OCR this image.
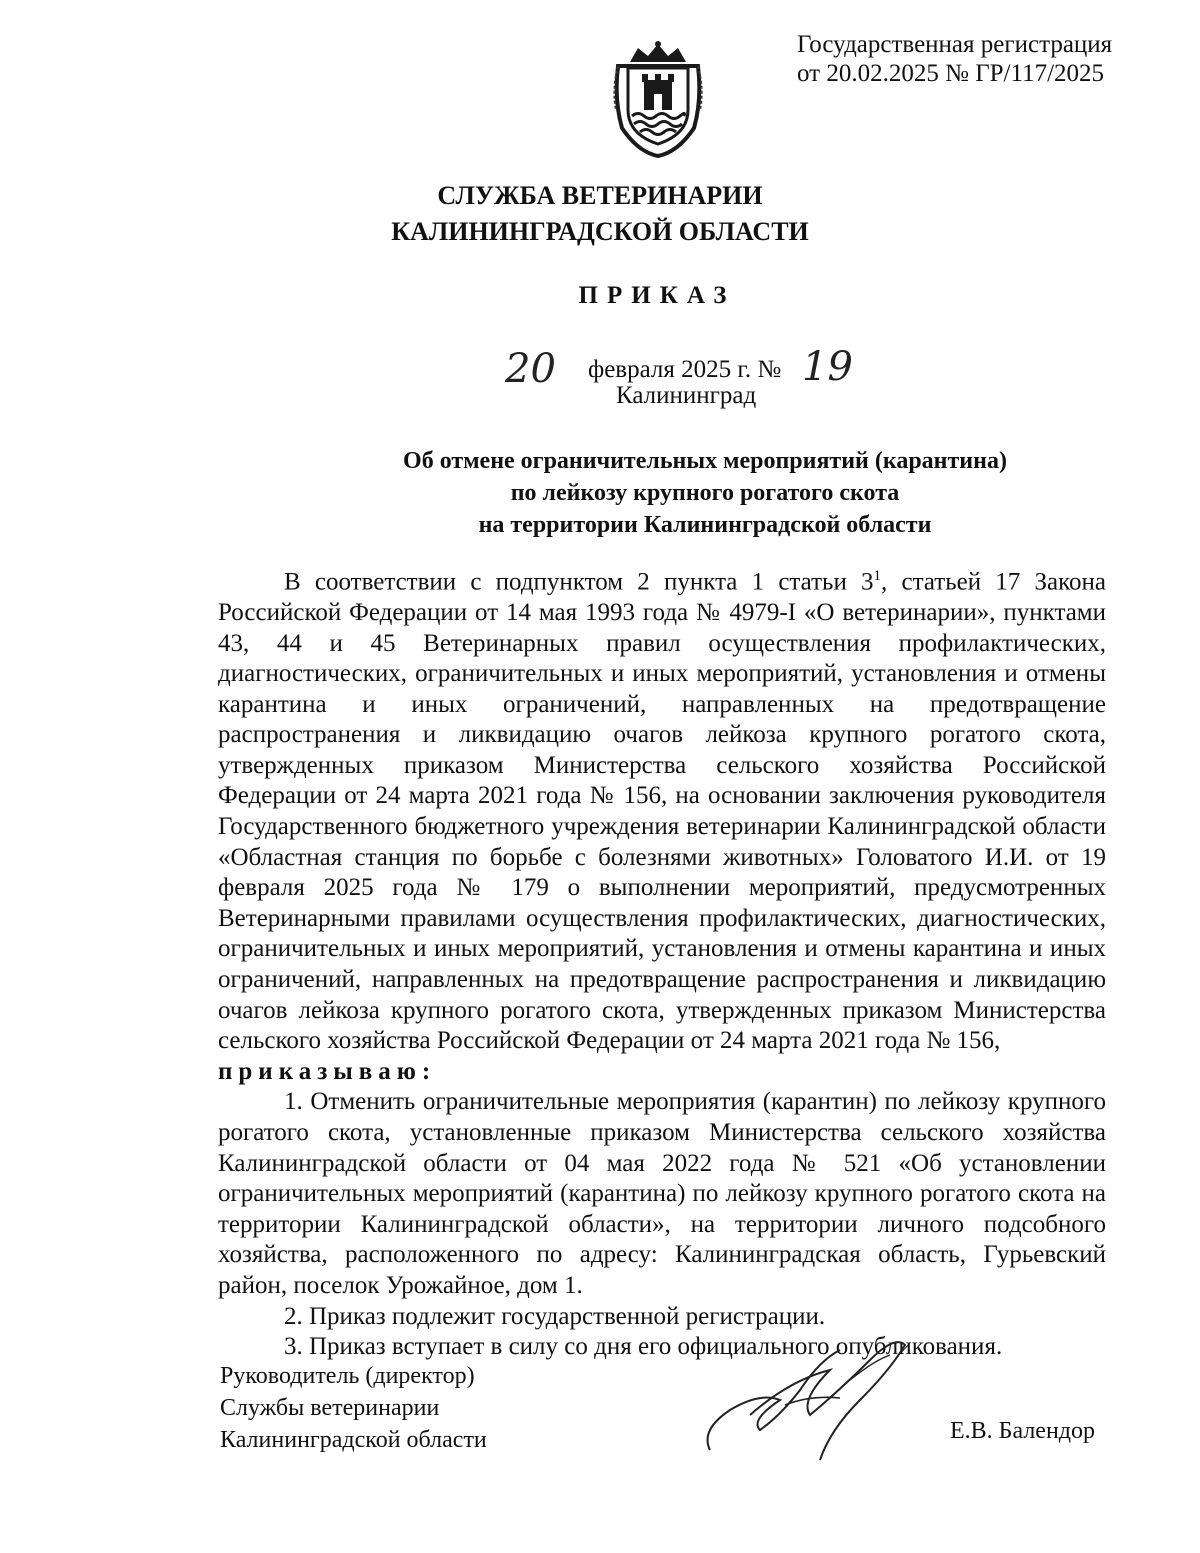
Государственная регистрация
от 20.02.2025 № ГР/117/2025
СЛУЖБА ВЕТЕРИНАРИИ
КАЛИНИНГРАДСКОЙ ОБЛАСТИ
ПРИКАЗ
20 февраля 2025 г. № 19
Калининград
Об отмене ограничительных мероприятий (карантина)
по лейкозу крупного рогатого скота
на территории Калининградской области

В соответствии с подпунктом 2 пункта 1 статьи $3^1$, статьей 17 Закона Российской Федерации от 14 мая 1993 года № 4979-I «О ветеринарии», пунктами 43, 44 и 45 Ветеринарных правил осуществления профилактических, диагностических, ограничительных и иных мероприятий, установления и отмены карантина и иных ограничений, направленных на предотвращение распространения и ликвидацию очагов лейкоза крупного рогатого скота, утвержденных приказом Министерства сельского хозяйства Российской Федерации от 24 марта 2021 года № 156, на основании заключения руководителя Государственного бюджетного учреждения ветеринарии Калининградской области «Областная станция по борьбе с болезнями животных» Головатого И.И. от 19 февраля 2025 года № 179 о выполнении мероприятий, предусмотренных Ветеринарными правилами осуществления профилактических, диагностических, ограничительных и иных мероприятий, установления и отмены карантина и иных ограничений, направленных на предотвращение распространения и ликвидацию очагов лейкоза крупного рогатого скота, утвержденных приказом Министерства сельского хозяйства Российской Федерации от 24 марта 2021 года № 156,

приказываю:

1. Отменить ограничительные мероприятия (карантин) по лейкозу крупного рогатого скота, установленные приказом Министерства сельского хозяйства Калининградской области от 04 мая 2022 года № 521 «Об установлении ограничительных мероприятий (карантина) по лейкозу крупного рогатого скота на территории Калининградской области», на территории личного подсобного хозяйства, расположенного по адресу: Калининградская область, Гурьевский район, поселок Урожайное, дом 1.

2. Приказ подлежит государственной регистрации.

3. Приказ вступает в силу со дня его официального опубликования.

Руководитель (директор)
Службы ветеринарии
Калининградской области	Е.В. Балендор
